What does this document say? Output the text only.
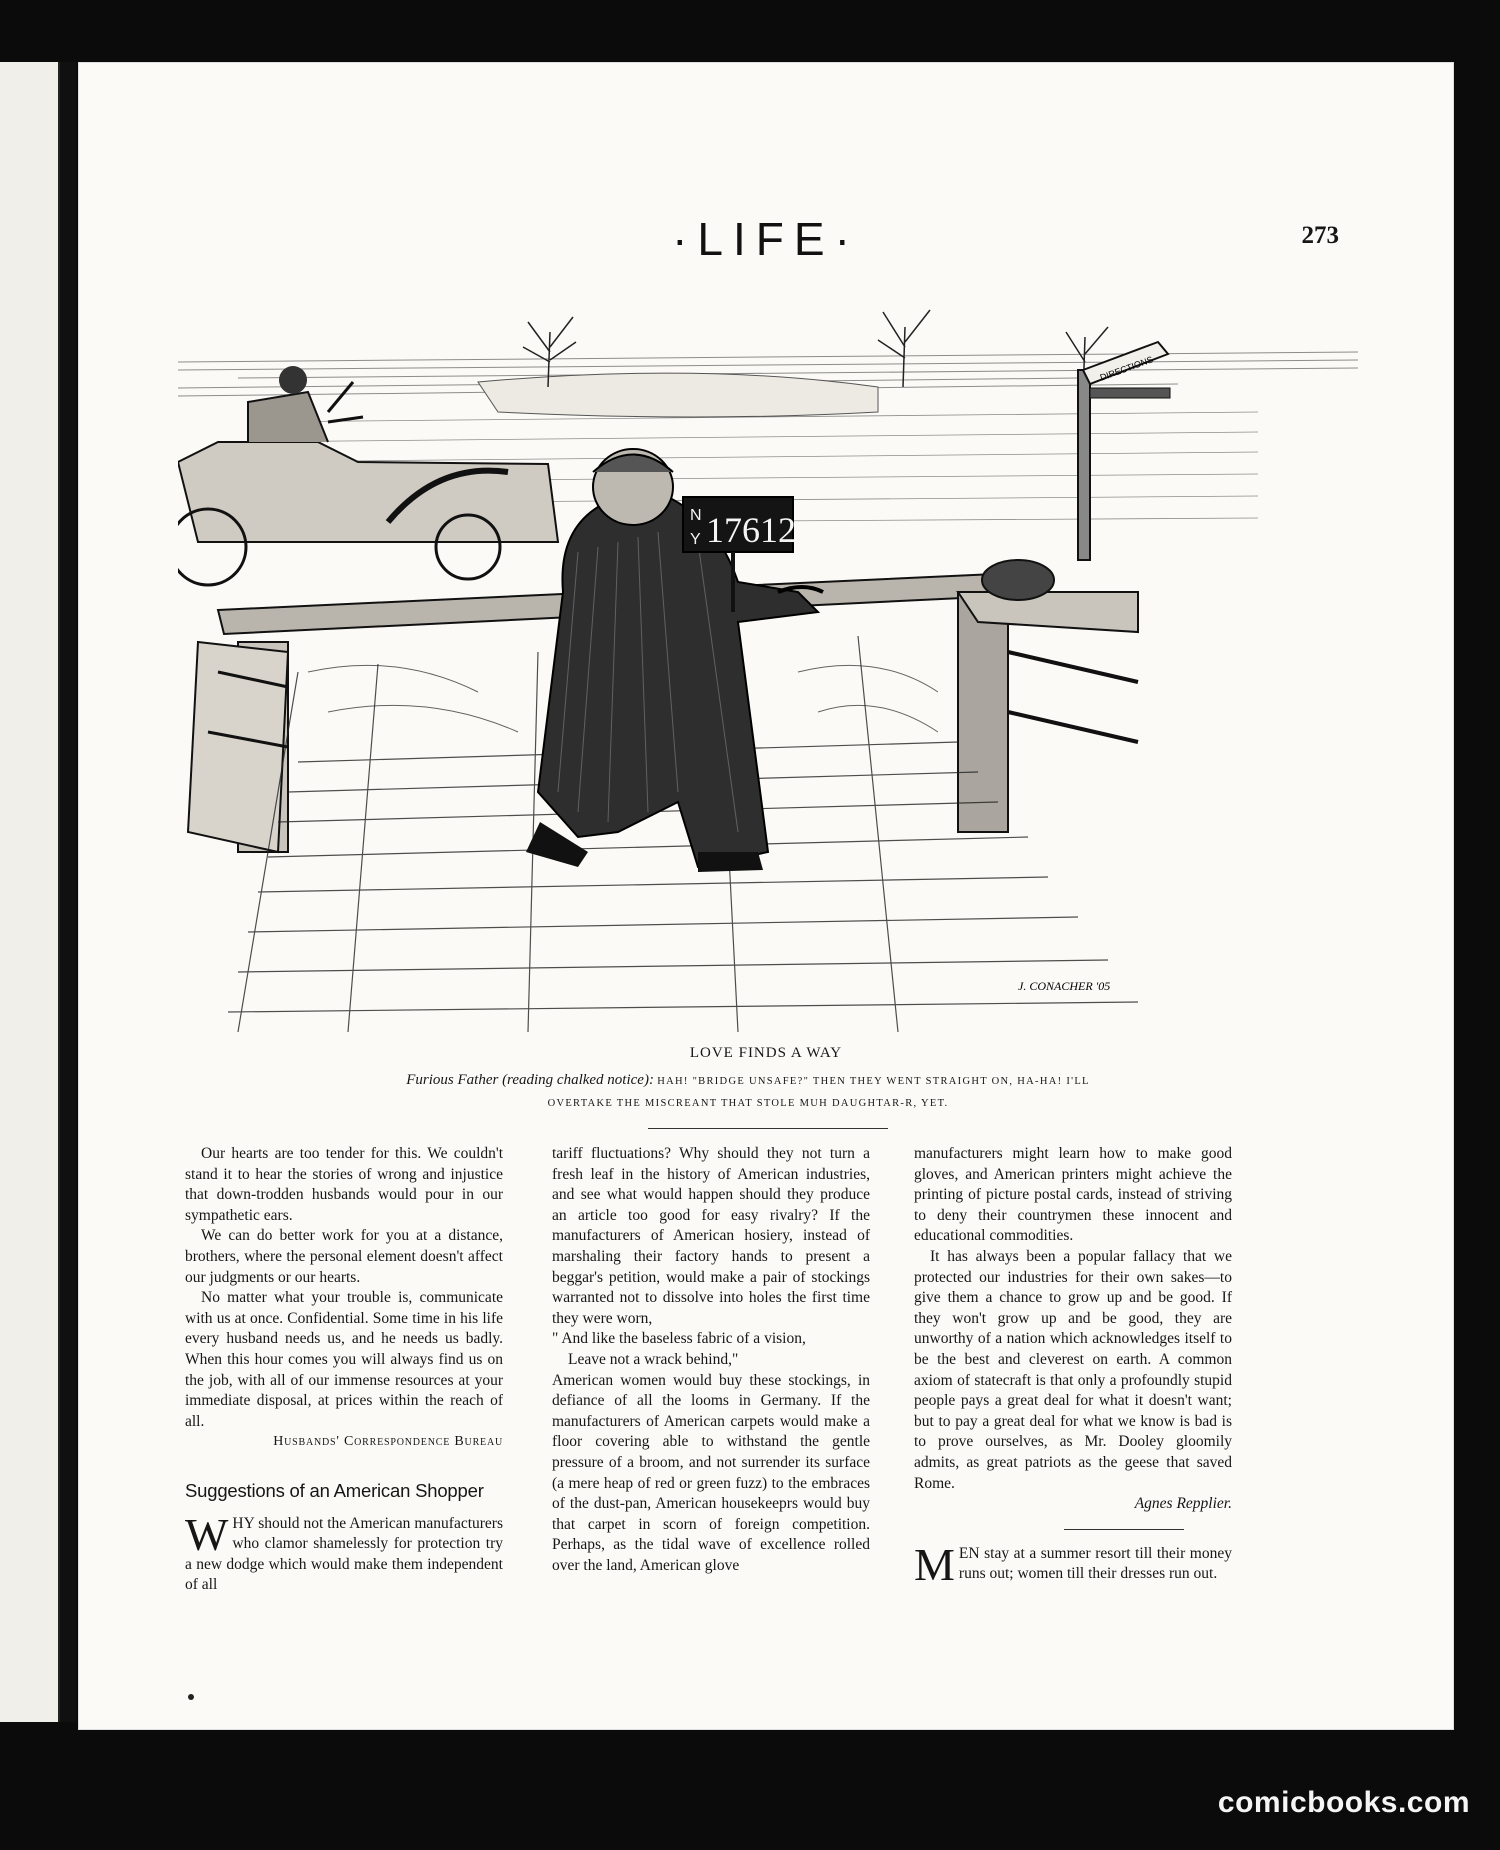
·LIFE·	273
DIRECTIONS
N
Y 17612
J. CONACHER '05
LOVE FINDS A WAY
Furious Father (reading chalked notice): HAH! "BRIDGE UNSAFE?" THEN THEY WENT STRAIGHT ON, HA-HA! I'LL
OVERTAKE THE MISCREANT THAT STOLE MUH DAUGHTAR-R, YET.

Our hearts are too tender for this. We couldn't stand it to hear the stories of wrong and injustice that down-trodden husbands would pour in our sympathetic ears.

We can do better work for you at a distance, brothers, where the personal element doesn't affect our judgments or our hearts.

No matter what your trouble is, communicate with us at once. Confidential. Some time in his life every husband needs us, and he needs us badly. When this hour comes you will always find us on the job, with all of our immense resources at your immediate disposal, at prices within the reach of all.

Husbands' Correspondence Bureau

Suggestions of an American Shopper

WHY should not the American manufacturers who clamor shamelessly for protection try a new dodge which would make them independent of all

tariff fluctuations? Why should they not turn a fresh leaf in the history of American industries, and see what would happen should they produce an article too good for easy rivalry? If the manufacturers of American hosiery, instead of marshaling their factory hands to present a beggar's petition, would make a pair of stockings warranted not to dissolve into holes the first time they were worn,

" And like the baseless fabric of a vision,

Leave not a wrack behind,"

American women would buy these stockings, in defiance of all the looms in Germany. If the manufacturers of American carpets would make a floor covering able to withstand the gentle pressure of a broom, and not surrender its surface (a mere heap of red or green fuzz) to the embraces of the dust-pan, American housekeeprs would buy that carpet in scorn of foreign competition. Perhaps, as the tidal wave of excellence rolled over the land, American glove

manufacturers might learn how to make good gloves, and American printers might achieve the printing of picture postal cards, instead of striving to deny their countrymen these innocent and educational commodities.

It has always been a popular fallacy that we protected our industries for their own sakes—to give them a chance to grow up and be good. If they won't grow up and be good, they are unworthy of a nation which acknowledges itself to be the best and cleverest on earth. A common axiom of statecraft is that only a profoundly stupid people pays a great deal for what it doesn't want; but to pay a great deal for what we know is bad is to prove ourselves, as Mr. Dooley gloomily admits, as great patriots as the geese that saved Rome.

Agnes Repplier.

MEN stay at a summer resort till their money runs out; women till their dresses run out.

comicbooks.com
